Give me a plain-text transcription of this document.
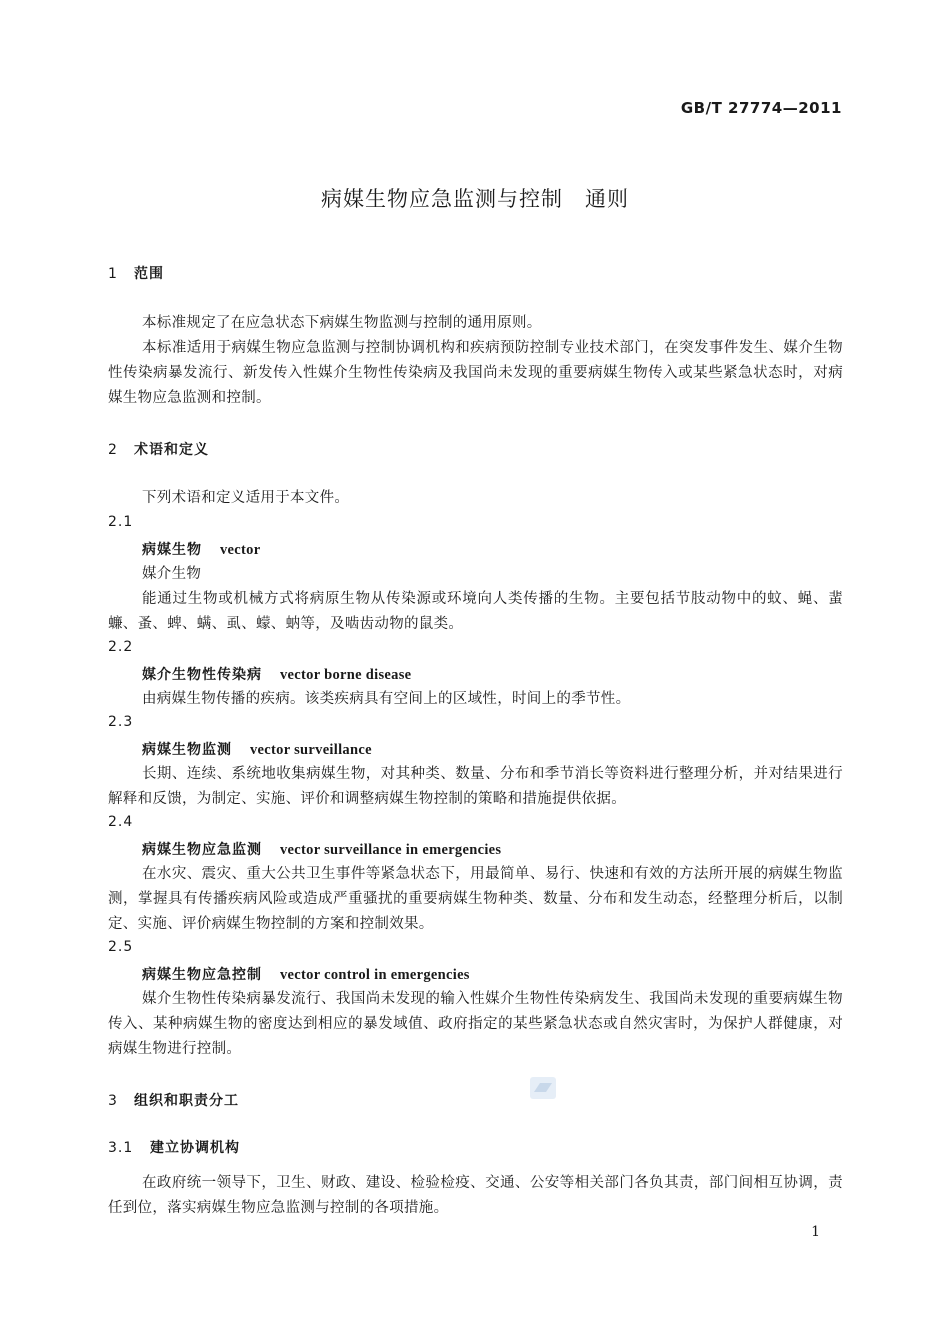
GB/T 27774—2011
病媒生物应急监测与控制　通则
1 范围
本标准规定了在应急状态下病媒生物监测与控制的通用原则。
本标准适用于病媒生物应急监测与控制协调机构和疾病预防控制专业技术部门，在突发事件发生、媒介生物性传染病暴发流行、新发传入性媒介生物性传染病及我国尚未发现的重要病媒生物传入或某些紧急状态时，对病媒生物应急监测和控制。
2 术语和定义
下列术语和定义适用于本文件。
2.1
病媒生物 vector
媒介生物
能通过生物或机械方式将病原生物从传染源或环境向人类传播的生物。主要包括节肢动物中的蚊、蝇、蜚蠊、蚤、蜱、螨、虱、蠓、蚋等，及啮齿动物的鼠类。
2.2
媒介生物性传染病 vector borne disease
由病媒生物传播的疾病。该类疾病具有空间上的区域性，时间上的季节性。
2.3
病媒生物监测 vector surveillance
长期、连续、系统地收集病媒生物，对其种类、数量、分布和季节消长等资料进行整理分析，并对结果进行解释和反馈，为制定、实施、评价和调整病媒生物控制的策略和措施提供依据。
2.4
病媒生物应急监测 vector surveillance in emergencies
在水灾、震灾、重大公共卫生事件等紧急状态下，用最简单、易行、快速和有效的方法所开展的病媒生物监测，掌握具有传播疾病风险或造成严重骚扰的重要病媒生物种类、数量、分布和发生动态，经整理分析后，以制定、实施、评价病媒生物控制的方案和控制效果。
2.5
病媒生物应急控制 vector control in emergencies
媒介生物性传染病暴发流行、我国尚未发现的输入性媒介生物性传染病发生、我国尚未发现的重要病媒生物传入、某种病媒生物的密度达到相应的暴发域值、政府指定的某些紧急状态或自然灾害时，为保护人群健康，对病媒生物进行控制。
3 组织和职责分工
3.1 建立协调机构
在政府统一领导下，卫生、财政、建设、检验检疫、交通、公安等相关部门各负其责，部门间相互协调，责任到位，落实病媒生物应急监测与控制的各项措施。
1
